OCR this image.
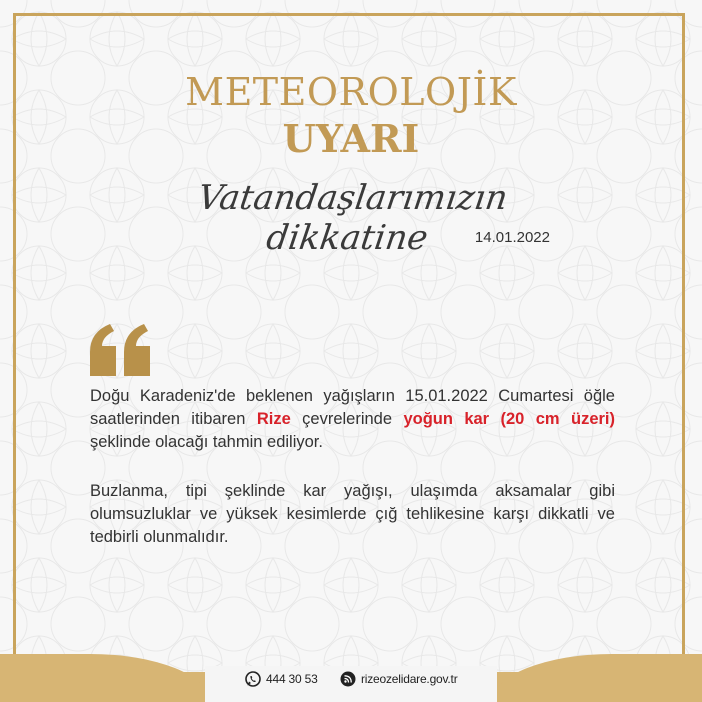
METEOROLOJİK
UYARI
Vatandaşlarımızın dikkatine	14.01.2022
Doğu Karadeniz'de beklenen yağışların 15.01.2022 Cumartesi öğle saatlerinden itibaren Rize çevrelerinde yoğun kar (20 cm üzeri) şeklinde olacağı tahmin ediliyor.
Buzlanma, tipi şeklinde kar yağışı, ulaşımda aksamalar gibi olumsuzluklar ve yüksek kesimlerde çığ tehlikesine karşı dikkatli ve tedbirli olunmalıdır.
444 30 53	rizeozelidare.gov.tr
